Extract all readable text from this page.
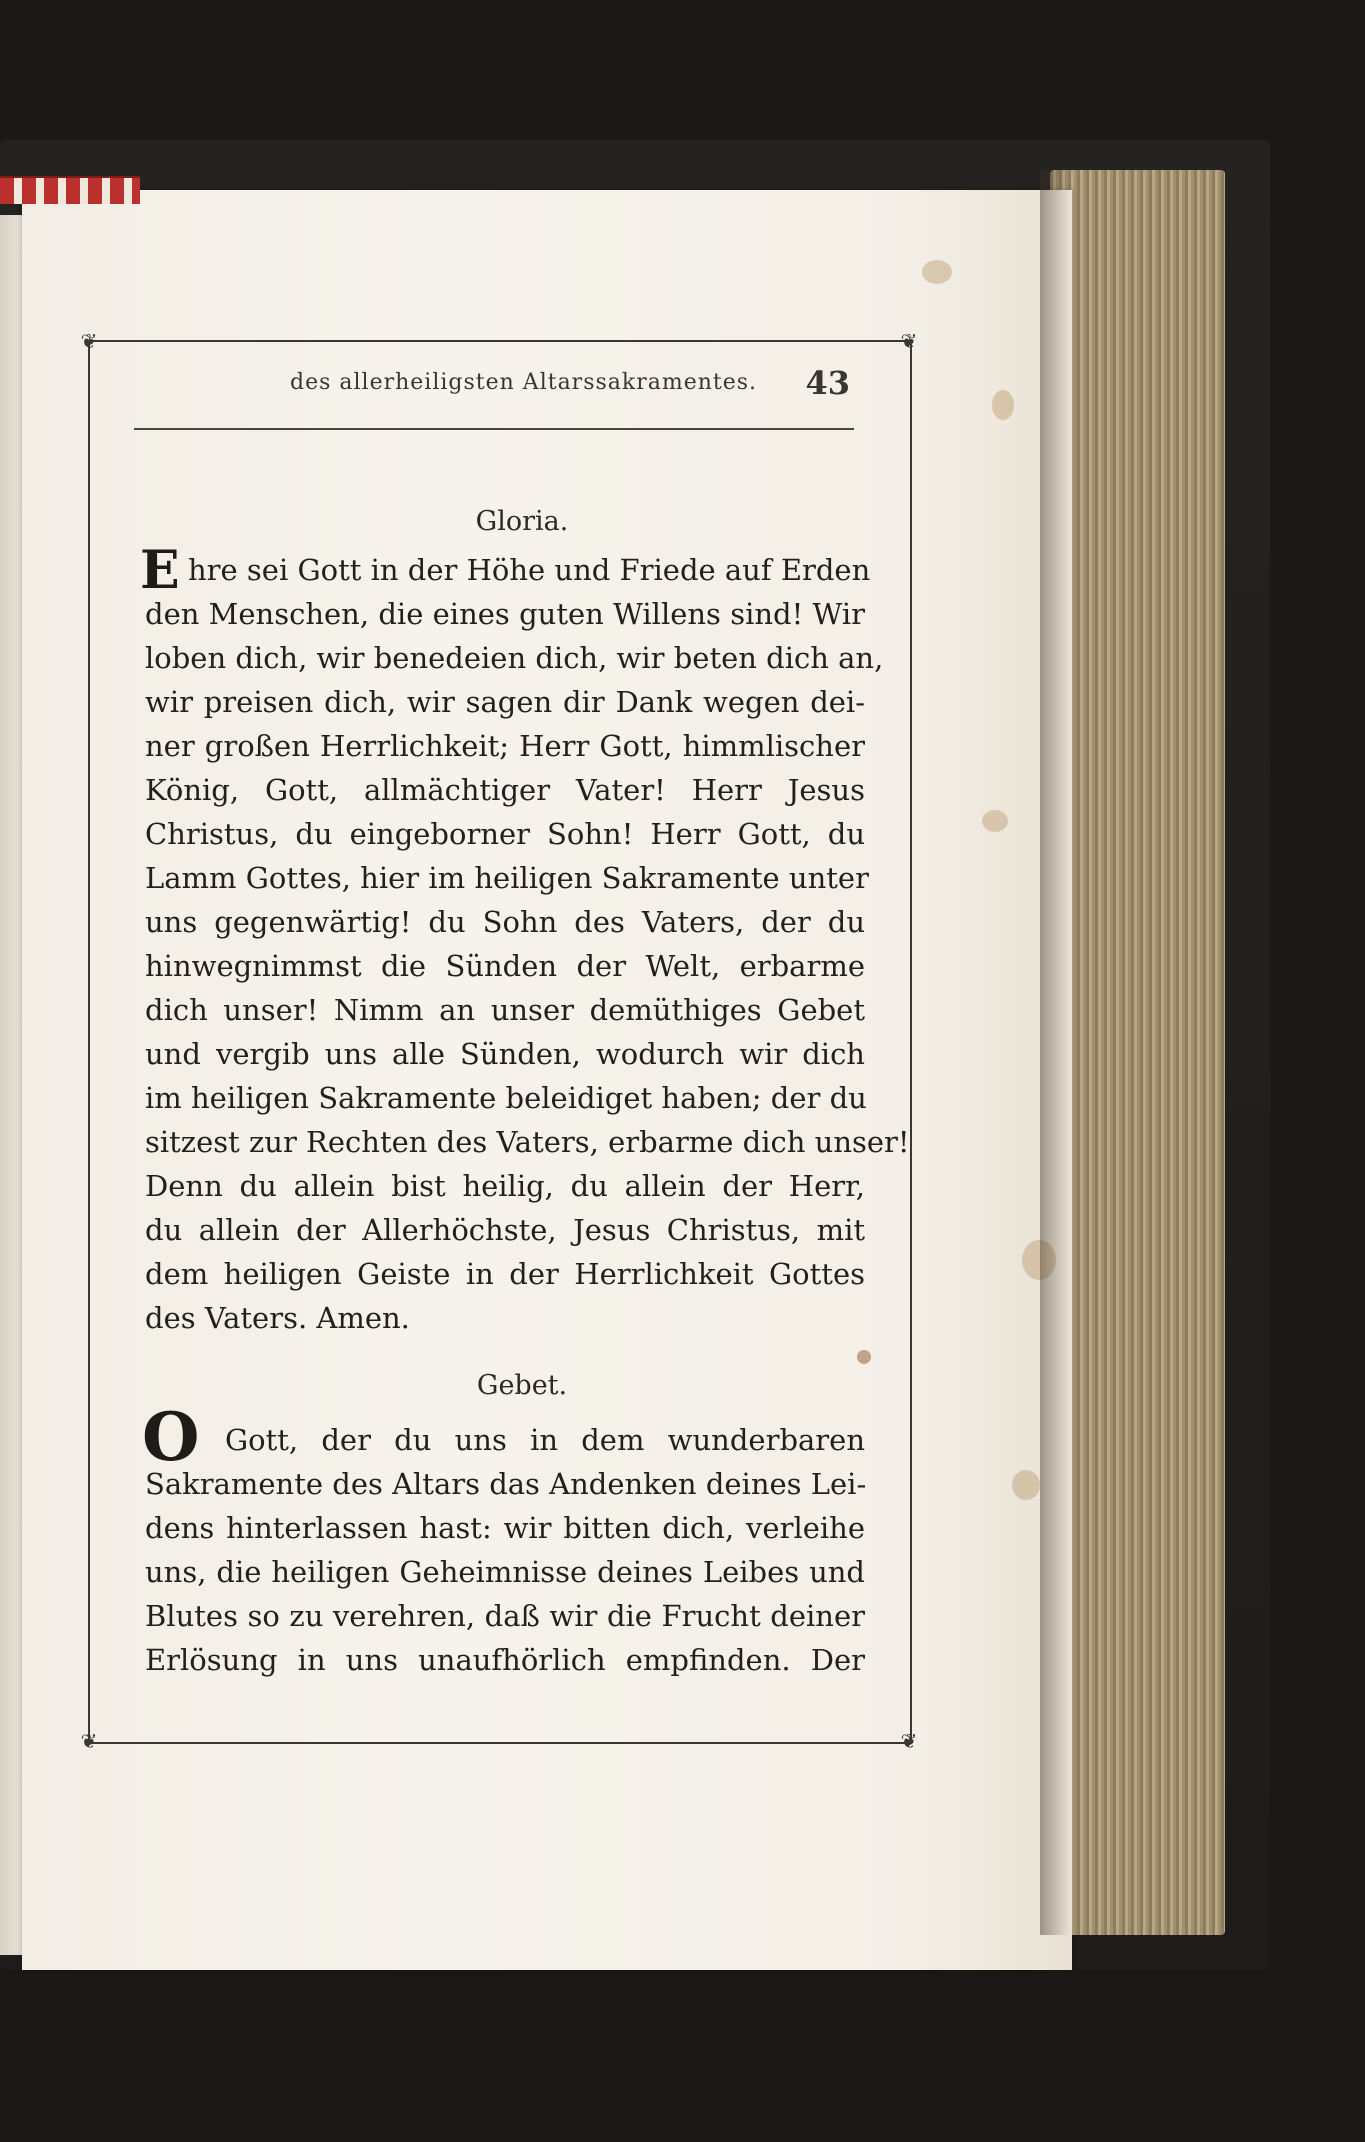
❦	❦
❦	❦
des allerheiligsten Altarssakramentes. 43
Gloria.
E hre sei Gott in der Höhe und Friede auf Erden
den Menschen, die eines guten Willens sind! Wir
loben dich, wir benedeien dich, wir beten dich an,
wir preisen dich, wir sagen dir Dank wegen dei-
ner großen Herrlichkeit; Herr Gott, himmlischer
König, Gott, allmächtiger Vater! Herr Jesus
Christus, du eingeborner Sohn! Herr Gott, du
Lamm Gottes, hier im heiligen Sakramente unter
uns gegenwärtig! du Sohn des Vaters, der du
hinwegnimmst die Sünden der Welt, erbarme
dich unser! Nimm an unser demüthiges Gebet
und vergib uns alle Sünden, wodurch wir dich
im heiligen Sakramente beleidiget haben; der du
sitzest zur Rechten des Vaters, erbarme dich unser!
Denn du allein bist heilig, du allein der Herr,
du allein der Allerhöchste, Jesus Christus, mit
dem heiligen Geiste in der Herrlichkeit Gottes
des Vaters. Amen.
Gebet.
O Gott, der du uns in dem wunderbaren
Sakramente des Altars das Andenken deines Lei-
dens hinterlassen hast: wir bitten dich, verleihe
uns, die heiligen Geheimnisse deines Leibes und
Blutes so zu verehren, daß wir die Frucht deiner
Erlösung in uns unaufhörlich empfinden. Der
